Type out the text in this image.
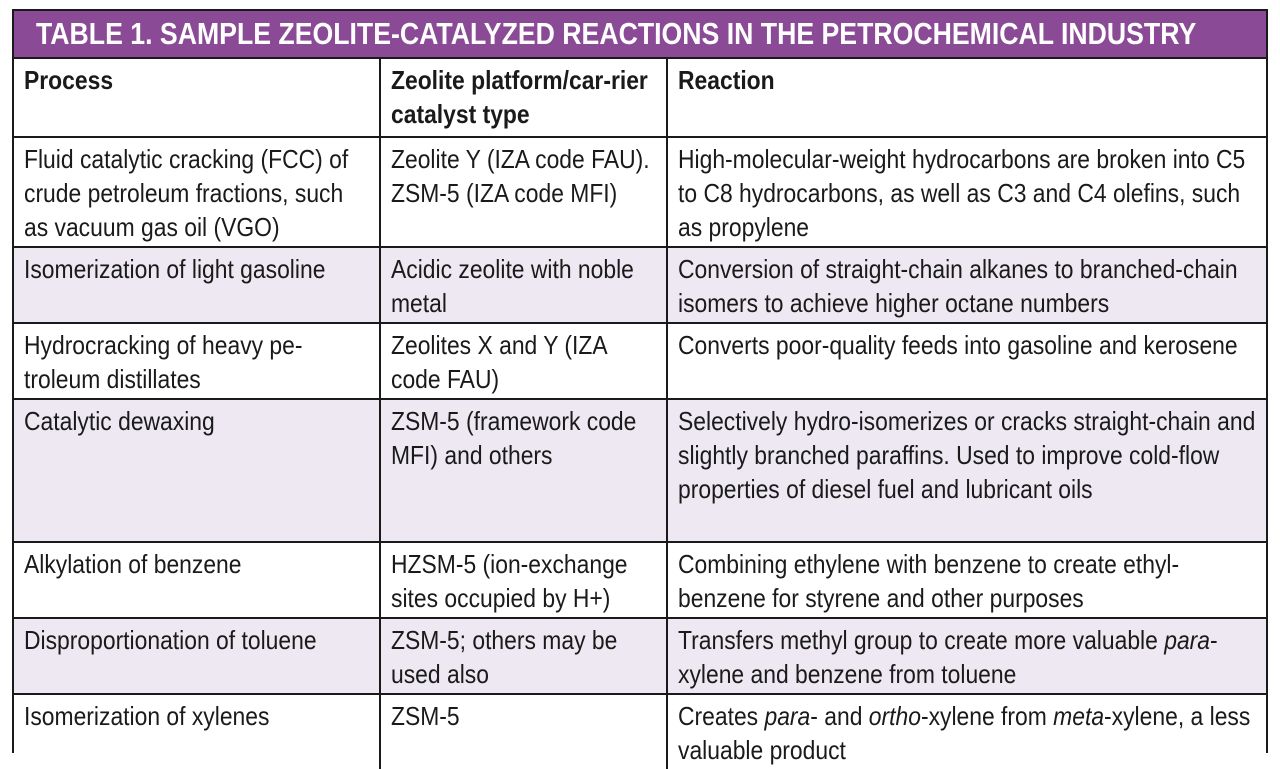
TABLE 1. SAMPLE ZEOLITE-CATALYZED REACTIONS IN THE PETROCHEMICAL INDUSTRY
Process	Zeolite platform/car-rier catalyst type	Reaction

Fluid catalytic cracking (FCC) of crude petroleum fractions, such as vacuum gas oil (VGO)	Zeolite Y (IZA code FAU). ZSM-5 (IZA code MFI)	High-molecular-weight hydrocarbons are broken into C5 to C8 hydrocarbons, as well as C3 and C4 olefins, such as propylene

Isomerization of light gasoline	Acidic zeolite with noble metal	Conversion of straight-chain alkanes to branched-chain isomers to achieve higher octane numbers

Hydrocracking of heavy pe-troleum distillates	Zeolites X and Y (IZA code FAU)	Converts poor-quality feeds into gasoline and kerosene

Catalytic dewaxing	ZSM-5 (framework code MFI) and others	Selectively hydro-isomerizes or cracks straight-chain and slightly branched paraffins. Used to improve cold-flow properties of diesel fuel and lubricant oils

Alkylation of benzene	HZSM-5 (ion-exchange sites occupied by H+)	Combining ethylene with benzene to create ethyl-benzene for styrene and other purposes

Disproportionation of toluene	ZSM-5; others may be used also	Transfers methyl group to create more valuable para-xylene and benzene from toluene

Isomerization of xylenes	ZSM-5	Creates para- and ortho-xylene from meta-xylene, a less valuable product
